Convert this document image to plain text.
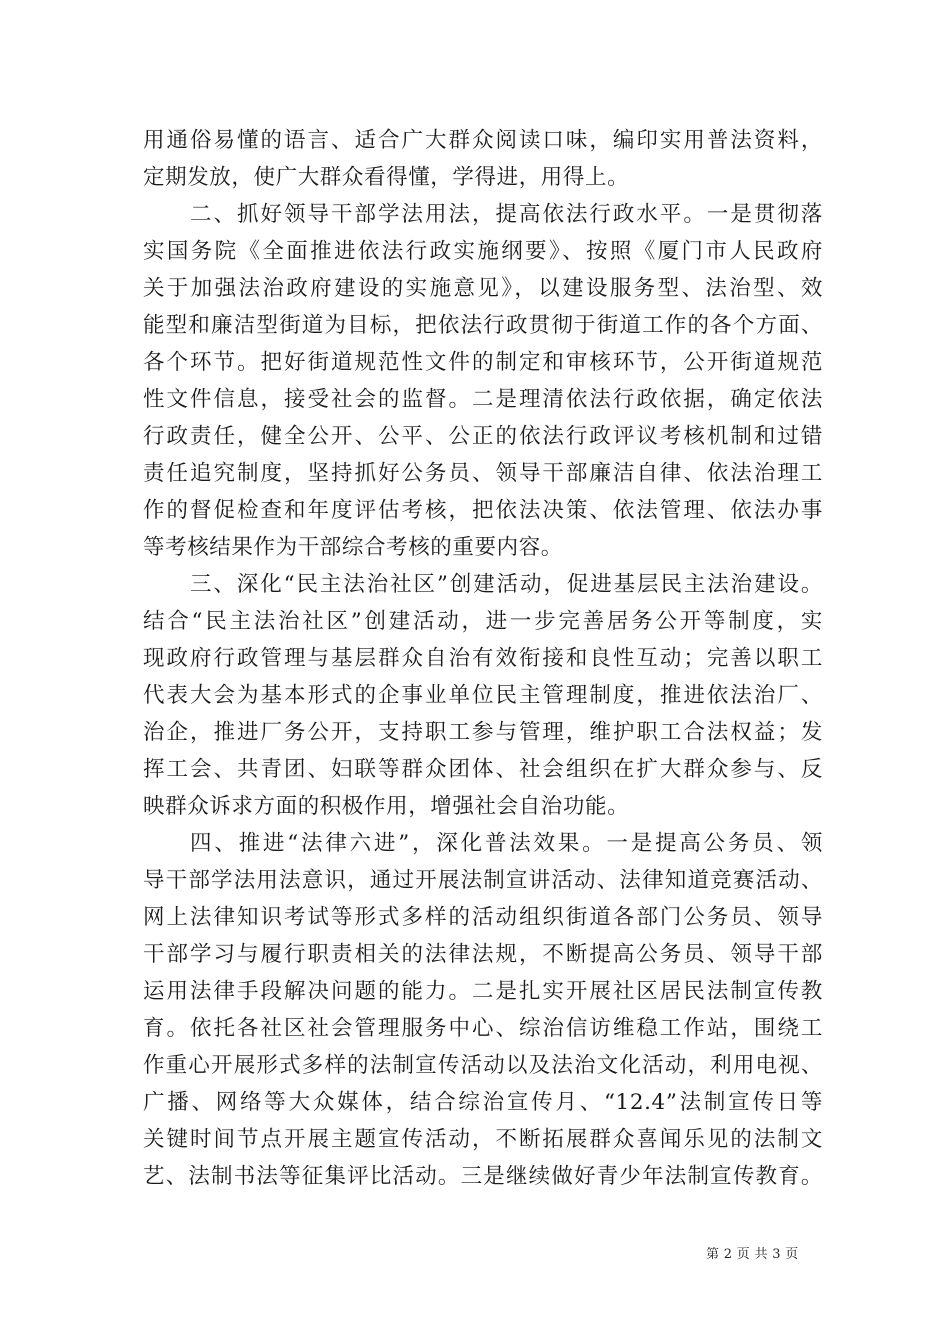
用通俗易懂的语言、适合广大群众阅读口味，编印实用普法资料，
定期发放，使广大群众看得懂，学得进，用得上。
二、抓好领导干部学法用法，提高依法行政水平。一是贯彻落
实国务院《全面推进依法行政实施纲要》、按照《厦门市人民政府
关于加强法治政府建设的实施意见》，以建设服务型、法治型、效
能型和廉洁型街道为目标，把依法行政贯彻于街道工作的各个方面、
各个环节。把好街道规范性文件的制定和审核环节，公开街道规范
性文件信息，接受社会的监督。二是理清依法行政依据，确定依法
行政责任，健全公开、公平、公正的依法行政评议考核机制和过错
责任追究制度，坚持抓好公务员、领导干部廉洁自律、依法治理工
作的督促检查和年度评估考核，把依法决策、依法管理、依法办事
等考核结果作为干部综合考核的重要内容。
三、深化“民主法治社区”创建活动，促进基层民主法治建设。
结合“民主法治社区”创建活动，进一步完善居务公开等制度，实
现政府行政管理与基层群众自治有效衔接和良性互动；完善以职工
代表大会为基本形式的企事业单位民主管理制度，推进依法治厂、
治企，推进厂务公开，支持职工参与管理，维护职工合法权益；发
挥工会、共青团、妇联等群众团体、社会组织在扩大群众参与、反
映群众诉求方面的积极作用，增强社会自治功能。
四、推进“法律六进”，深化普法效果。一是提高公务员、领
导干部学法用法意识，通过开展法制宣讲活动、法律知道竞赛活动、
网上法律知识考试等形式多样的活动组织街道各部门公务员、领导
干部学习与履行职责相关的法律法规，不断提高公务员、领导干部
运用法律手段解决问题的能力。二是扎实开展社区居民法制宣传教
育。依托各社区社会管理服务中心、综治信访维稳工作站，围绕工
作重心开展形式多样的法制宣传活动以及法治文化活动，利用电视、
广播、网络等大众媒体，结合综治宣传月、“12.4”法制宣传日等
关键时间节点开展主题宣传活动，不断拓展群众喜闻乐见的法制文
艺、法制书法等征集评比活动。三是继续做好青少年法制宣传教育。
第 2 页 共 3 页
